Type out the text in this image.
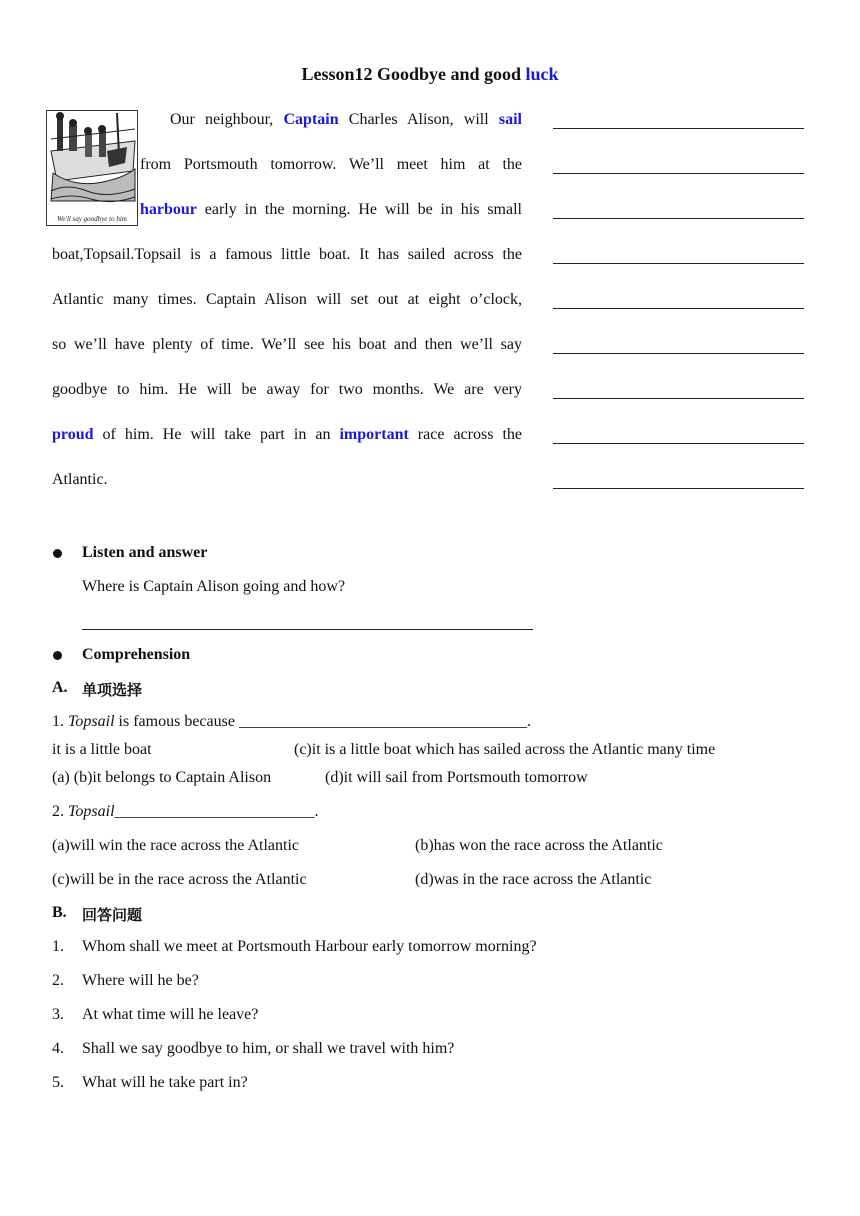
Lesson12 Goodbye and good luck
We'll say goodbye to him
Our neighbour, Captain Charles Alison, will sail
from Portsmouth tomorrow. We’ll meet him at the
harbour early in the morning. He will be in his small
boat,Topsail.Topsail is a famous little boat. It has sailed across the
Atlantic many times. Captain Alison will set out at eight o’clock,
so we’ll have plenty of time. We’ll see his boat and then we’ll say
goodbye to him. He will be away for two months. We are very
proud of him. He will take part in an important race across the
Atlantic.
Listen and answer
Where is Captain Alison going and how?
Comprehension
A. 单项选择
1. Topsail is famous because ____________________________________.
it is a little boat	(c)it is a little boat which has sailed across the Atlantic many time
(a) (b)it belongs to Captain Alison	(d)it will sail from Portsmouth tomorrow
2. Topsail_________________________.
(a)will win the race across the Atlantic	(b)has won the race across the Atlantic
(c)will be in the race across the Atlantic	(d)was in the race across the Atlantic
B. 回答问题
1. Whom shall we meet at Portsmouth Harbour early tomorrow morning?
2. Where will he be?
3. At what time will he leave?
4. Shall we say goodbye to him, or shall we travel with him?
5. What will he take part in?
